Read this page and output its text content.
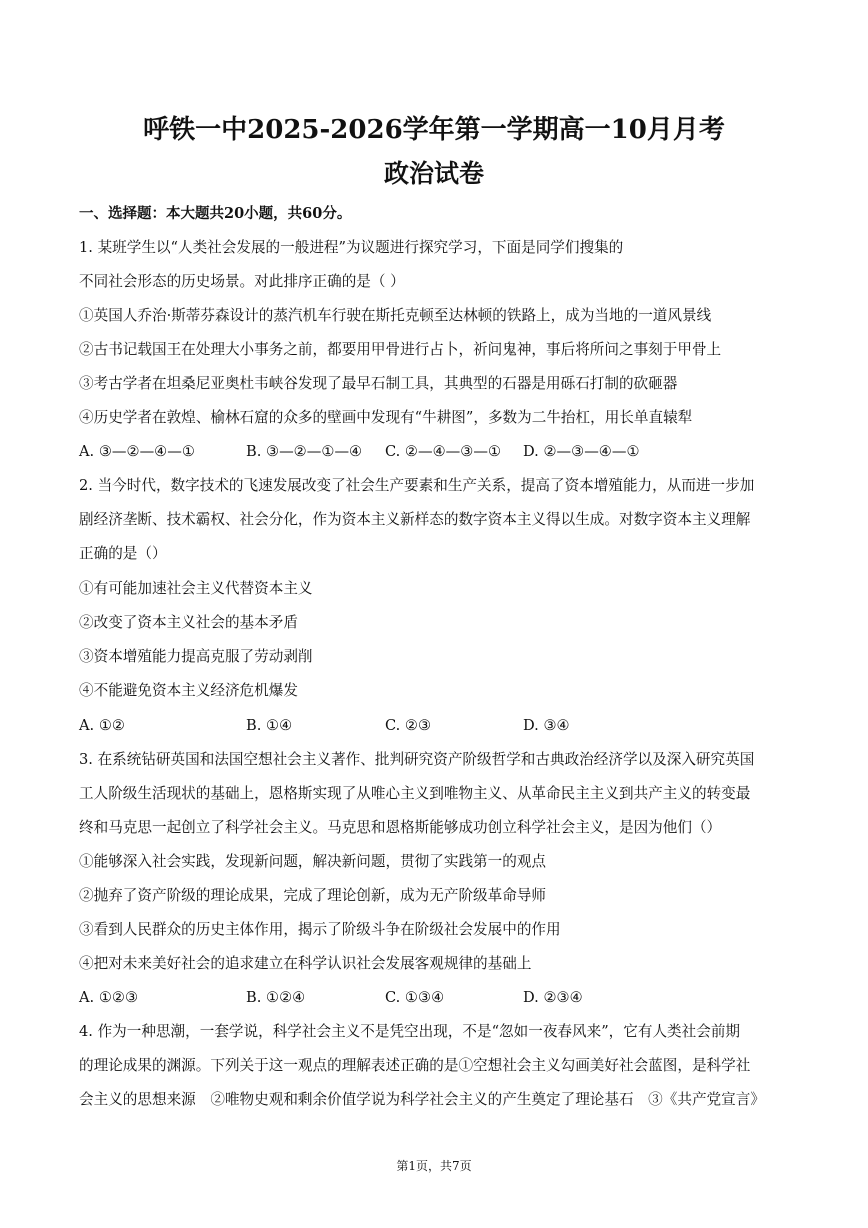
呼铁一中2025-2026学年第一学期高一10月月考
政治试卷
一、选择题：本大题共20小题，共60分。
1. 某班学生以“人类社会发展的一般进程”为议题进行探究学习，下面是同学们搜集的
不同社会形态的历史场景。对此排序正确的是（ ）
①英国人乔治·斯蒂芬森设计的蒸汽机车行驶在斯托克顿至达林顿的铁路上，成为当地的一道风景线
②古书记载国王在处理大小事务之前，都要用甲骨进行占卜，祈问鬼神，事后将所问之事刻于甲骨上
③考古学者在坦桑尼亚奥杜韦峡谷发现了最早石制工具，其典型的石器是用砾石打制的砍砸器
④历史学者在敦煌、榆林石窟的众多的壁画中发现有“牛耕图”，多数为二牛抬杠，用长单直辕犁
A. ③—②—④—①	B. ③—②—①—④ C. ②—④—③—① D. ②—③—④—①
2. 当今时代，数字技术的飞速发展改变了社会生产要素和生产关系，提高了资本增殖能力，从而进一步加
剧经济垄断、技术霸权、社会分化，作为资本主义新样态的数字资本主义得以生成。对数字资本主义理解
正确的是（）
①有可能加速社会主义代替资本主义
②改变了资本主义社会的基本矛盾
③资本增殖能力提高克服了劳动剥削
④不能避免资本主义经济危机爆发
A. ①②	B. ①④	C. ②③	D. ③④
3. 在系统钻研英国和法国空想社会主义著作、批判研究资产阶级哲学和古典政治经济学以及深入研究英国
工人阶级生活现状的基础上，恩格斯实现了从唯心主义到唯物主义、从革命民主主义到共产主义的转变最
终和马克思一起创立了科学社会主义。马克思和恩格斯能够成功创立科学社会主义，是因为他们（）
①能够深入社会实践，发现新问题，解决新问题，贯彻了实践第一的观点
②抛弃了资产阶级的理论成果，完成了理论创新，成为无产阶级革命导师
③看到人民群众的历史主体作用，揭示了阶级斗争在阶级社会发展中的作用
④把对未来美好社会的追求建立在科学认识社会发展客观规律的基础上
A. ①②③	B. ①②④	C. ①③④	D. ②③④
4. 作为一种思潮，一套学说，科学社会主义不是凭空出现，不是“忽如一夜春风来”，它有人类社会前期
的理论成果的渊源。下列关于这一观点的理解表述正确的是①空想社会主义勾画美好社会蓝图，是科学社
会主义的思想来源　②唯物史观和剩余价值学说为科学社会主义的产生奠定了理论基石　③《共产党宣言》
第1页，共7页
